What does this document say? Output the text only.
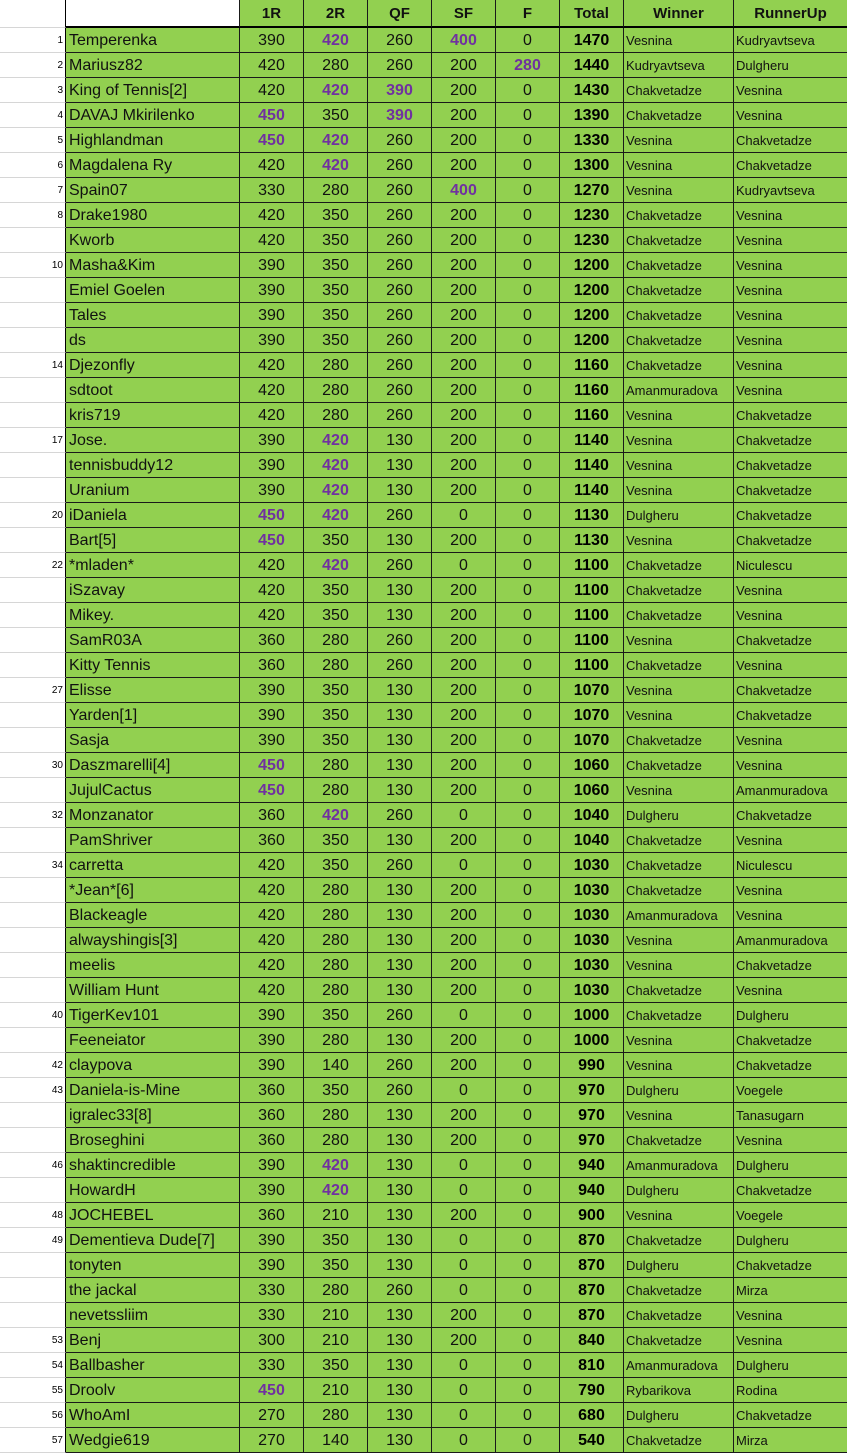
1R	2R	QF	SF	F	Total	Winner	RunnerUp
1 Temperenka	390	420	260	400	0	1470	Vesnina	Kudryavtseva
2 Mariusz82	420	280	260	200	280	1440	Kudryavtseva	Dulgheru
3 King of Tennis[2]	420	420	390	200	0	1430	Chakvetadze	Vesnina
4 DAVAJ Mkirilenko	450	350	390	200	0	1390	Chakvetadze	Vesnina
5 Highlandman	450	420	260	200	0	1330	Vesnina	Chakvetadze
6 Magdalena Ry	420	420	260	200	0	1300	Vesnina	Chakvetadze
7 Spain07	330	280	260	400	0	1270	Vesnina	Kudryavtseva
8 Drake1980	420	350	260	200	0	1230	Chakvetadze	Vesnina
Kworb	420	350	260	200	0	1230	Chakvetadze	Vesnina
10 Masha&Kim	390	350	260	200	0	1200	Chakvetadze	Vesnina
Emiel Goelen	390	350	260	200	0	1200	Chakvetadze	Vesnina
Tales	390	350	260	200	0	1200	Chakvetadze	Vesnina
ds	390	350	260	200	0	1200	Chakvetadze	Vesnina
14 Djezonfly	420	280	260	200	0	1160	Chakvetadze	Vesnina
sdtoot	420	280	260	200	0	1160	Amanmuradova	Vesnina
kris719	420	280	260	200	0	1160	Vesnina	Chakvetadze
17 Jose.	390	420	130	200	0	1140	Vesnina	Chakvetadze
tennisbuddy12	390	420	130	200	0	1140	Vesnina	Chakvetadze
Uranium	390	420	130	200	0	1140	Vesnina	Chakvetadze
20 iDaniela	450	420	260	0	0	1130	Dulgheru	Chakvetadze
Bart[5]	450	350	130	200	0	1130	Vesnina	Chakvetadze
22 *mladen*	420	420	260	0	0	1100	Chakvetadze	Niculescu
iSzavay	420	350	130	200	0	1100	Chakvetadze	Vesnina
Mikey.	420	350	130	200	0	1100	Chakvetadze	Vesnina
SamR03A	360	280	260	200	0	1100	Vesnina	Chakvetadze
Kitty Tennis	360	280	260	200	0	1100	Chakvetadze	Vesnina
27 Elisse	390	350	130	200	0	1070	Vesnina	Chakvetadze
Yarden[1]	390	350	130	200	0	1070	Vesnina	Chakvetadze
Sasja	390	350	130	200	0	1070	Chakvetadze	Vesnina
30 Daszmarelli[4]	450	280	130	200	0	1060	Chakvetadze	Vesnina
JujulCactus	450	280	130	200	0	1060	Vesnina	Amanmuradova
32 Monzanator	360	420	260	0	0	1040	Dulgheru	Chakvetadze
PamShriver	360	350	130	200	0	1040	Chakvetadze	Vesnina
34 carretta	420	350	260	0	0	1030	Chakvetadze	Niculescu
*Jean*[6]	420	280	130	200	0	1030	Chakvetadze	Vesnina
Blackeagle	420	280	130	200	0	1030	Amanmuradova	Vesnina
alwayshingis[3]	420	280	130	200	0	1030	Vesnina	Amanmuradova
meelis	420	280	130	200	0	1030	Vesnina	Chakvetadze
William Hunt	420	280	130	200	0	1030	Chakvetadze	Vesnina
40 TigerKev101	390	350	260	0	0	1000	Chakvetadze	Dulgheru
Feeneiator	390	280	130	200	0	1000	Vesnina	Chakvetadze
42 claypova	390	140	260	200	0	990	Vesnina	Chakvetadze
43 Daniela-is-Mine	360	350	260	0	0	970	Dulgheru	Voegele
igralec33[8]	360	280	130	200	0	970	Vesnina	Tanasugarn
Broseghini	360	280	130	200	0	970	Chakvetadze	Vesnina
46 shaktincredible	390	420	130	0	0	940	Amanmuradova	Dulgheru
HowardH	390	420	130	0	0	940	Dulgheru	Chakvetadze
48 JOCHEBEL	360	210	130	200	0	900	Vesnina	Voegele
49 Dementieva Dude[7]	390	350	130	0	0	870	Chakvetadze	Dulgheru
tonyten	390	350	130	0	0	870	Dulgheru	Chakvetadze
the jackal	330	280	260	0	0	870	Chakvetadze	Mirza
nevetssliim	330	210	130	200	0	870	Chakvetadze	Vesnina
53 Benj	300	210	130	200	0	840	Chakvetadze	Vesnina
54 Ballbasher	330	350	130	0	0	810	Amanmuradova	Dulgheru
55 Droolv	450	210	130	0	0	790	Rybarikova	Rodina
56 WhoAmI	270	280	130	0	0	680	Dulgheru	Chakvetadze
57 Wedgie619	270	140	130	0	0	540	Chakvetadze	Mirza
